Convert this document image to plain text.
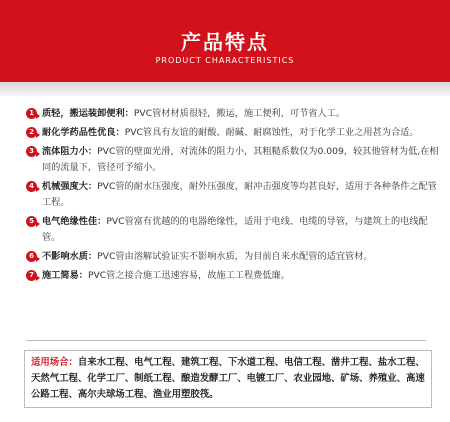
产品特点
PRODUCT CHARACTERISTICS
1 质轻，搬运装卸便利：PVC管材材质很轻，搬运，施工便利，可节省人工。
2 耐化学药品性优良：PVC管具有友谊的耐酸、耐碱、耐腐蚀性，对于化学工业之用甚为合适。
3 流体阻力小：PVC管的壁面光滑，对流体的阻力小，其粗糙系数仅为0.009，较其他管材为低,在相同的流量下，管径可予缩小。
4 机械强度大：PVC管的耐水压强度，耐外压强度，耐冲击强度等均甚良好，适用于各种条件之配管工程。
5 电气绝缘性佳：PVC管富有优越的的电器绝缘性，适用于电线、电缆的导管，与建筑上的电线配管。
6 不影响水质：PVC管由溶解试验证实不影响水质，为目前自来水配管的适宜管材。
7 施工简易：PVC管之接合施工迅速容易，故施工工程费低廉。
适用场合：自来水工程、电气工程、建筑工程、下水道工程、电信工程、凿井工程、盐水工程、天然气工程、化学工厂、制纸工程、酿造发酵工厂、电镀工厂、农业园地、矿场、养殖业、高速公路工程、高尔夫球场工程、渔业用塑胶筏。
